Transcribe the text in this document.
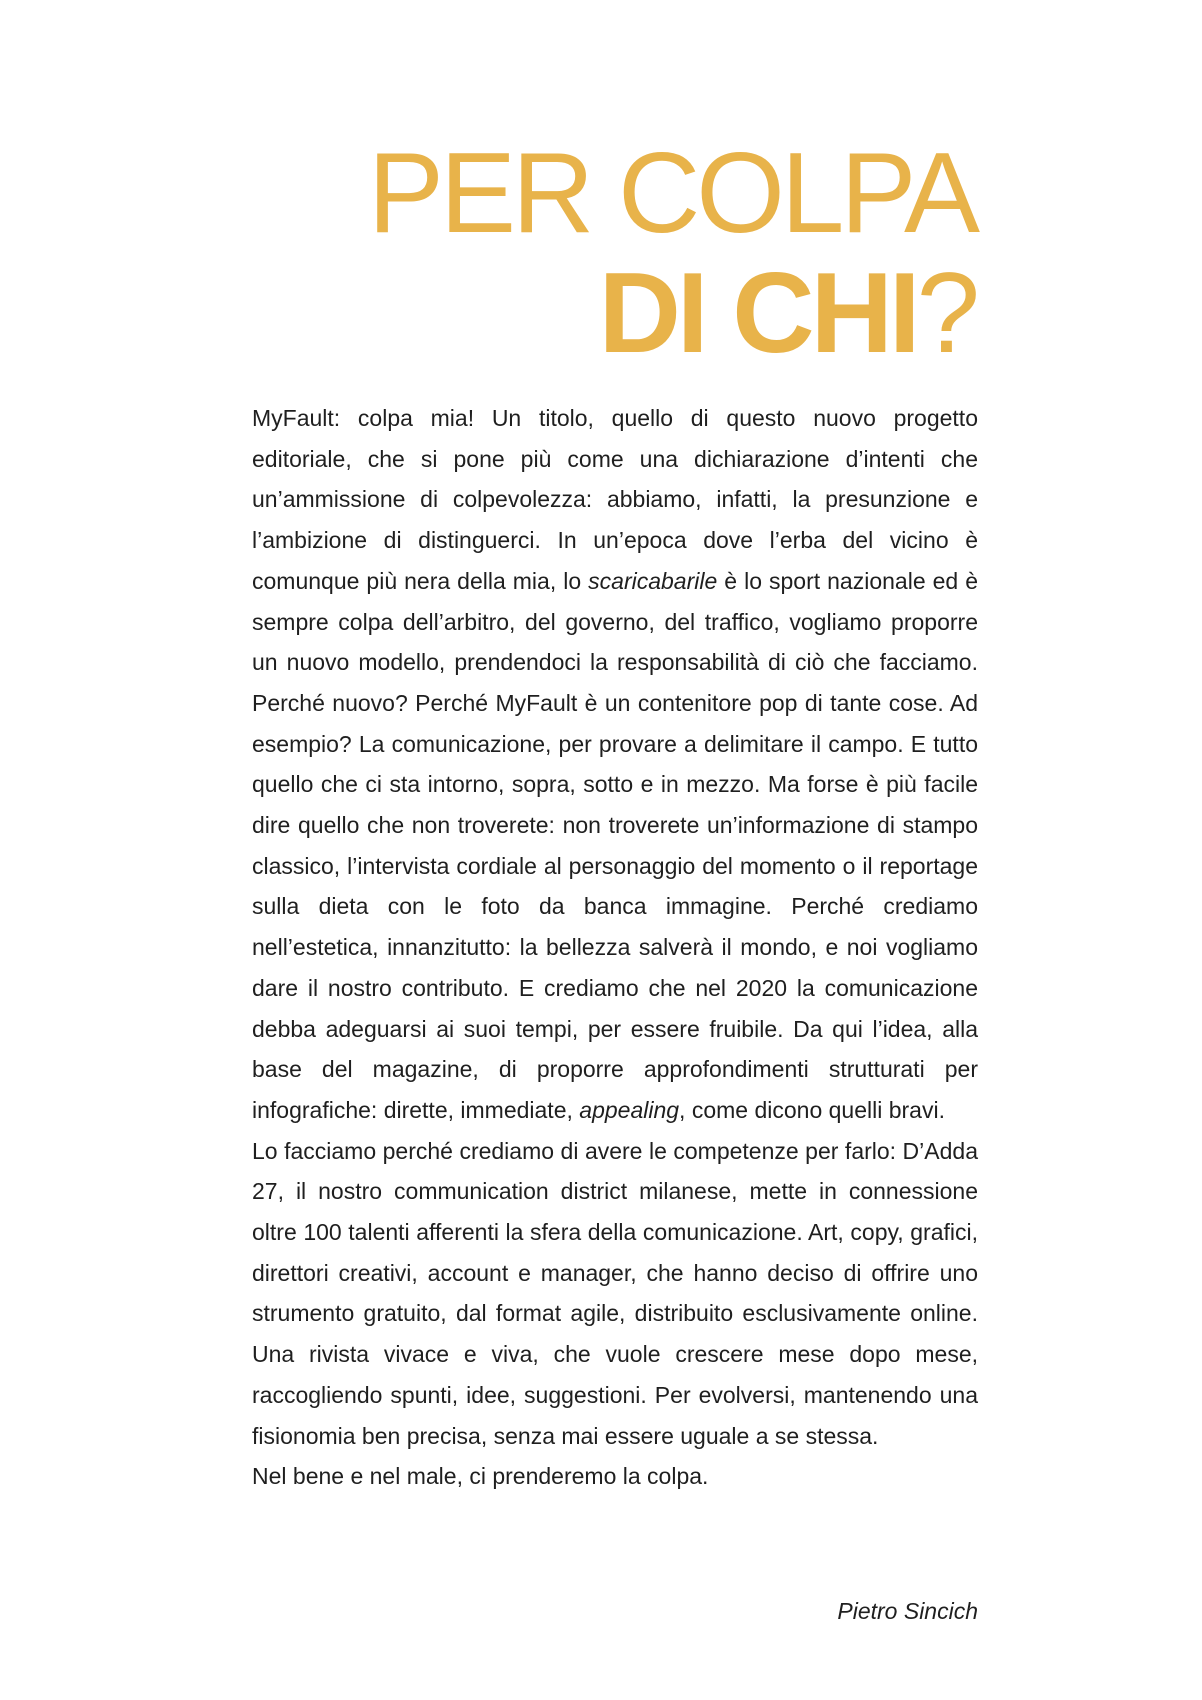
PER COLPA
DI CHI?

MyFault: colpa mia! Un titolo, quello di questo nuovo progetto editoriale, che si pone più come una dichiarazione d’intenti che un’ammissione di colpevolezza: abbiamo, infatti, la presunzione e l’ambizione di distinguerci. In un’epoca dove l’erba del vicino è comunque più nera della mia, lo scaricabarile è lo sport nazionale ed è sempre colpa dell’arbitro, del governo, del traffico, vogliamo proporre un nuovo modello, prendendoci la responsabilità di ciò che facciamo. Perché nuovo? Perché MyFault è un contenitore pop di tante cose. Ad esempio? La comunicazione, per provare a delimitare il campo. E tutto quello che ci sta intorno, sopra, sotto e in mezzo. Ma forse è più facile dire quello che non troverete: non troverete un’informazione di stampo classico, l’intervista cordiale al personaggio del momento o il reportage sulla dieta con le foto da banca immagine. Perché crediamo nell’estetica, innanzitutto: la bellezza salverà il mondo, e noi vogliamo dare il nostro contributo. E crediamo che nel 2020 la comunicazione debba adeguarsi ai suoi tempi, per essere fruibile. Da qui l’idea, alla base del magazine, di proporre approfondimenti strutturati per infografiche: dirette, immediate, appealing, come dicono quelli bravi.

Lo facciamo perché crediamo di avere le competenze per farlo: D’Adda 27, il nostro communication district milanese, mette in connessione oltre 100 talenti afferenti la sfera della comunicazione. Art, copy, grafici, direttori creativi, account e manager, che hanno deciso di offrire uno strumento gratuito, dal format agile, distribuito esclusivamente online. Una rivista vivace e viva, che vuole crescere mese dopo mese, raccogliendo spunti, idee, suggestioni. Per evolversi, mantenendo una fisionomia ben precisa, senza mai essere uguale a se stessa.

Nel bene e nel male, ci prenderemo la colpa.

Pietro Sincich
